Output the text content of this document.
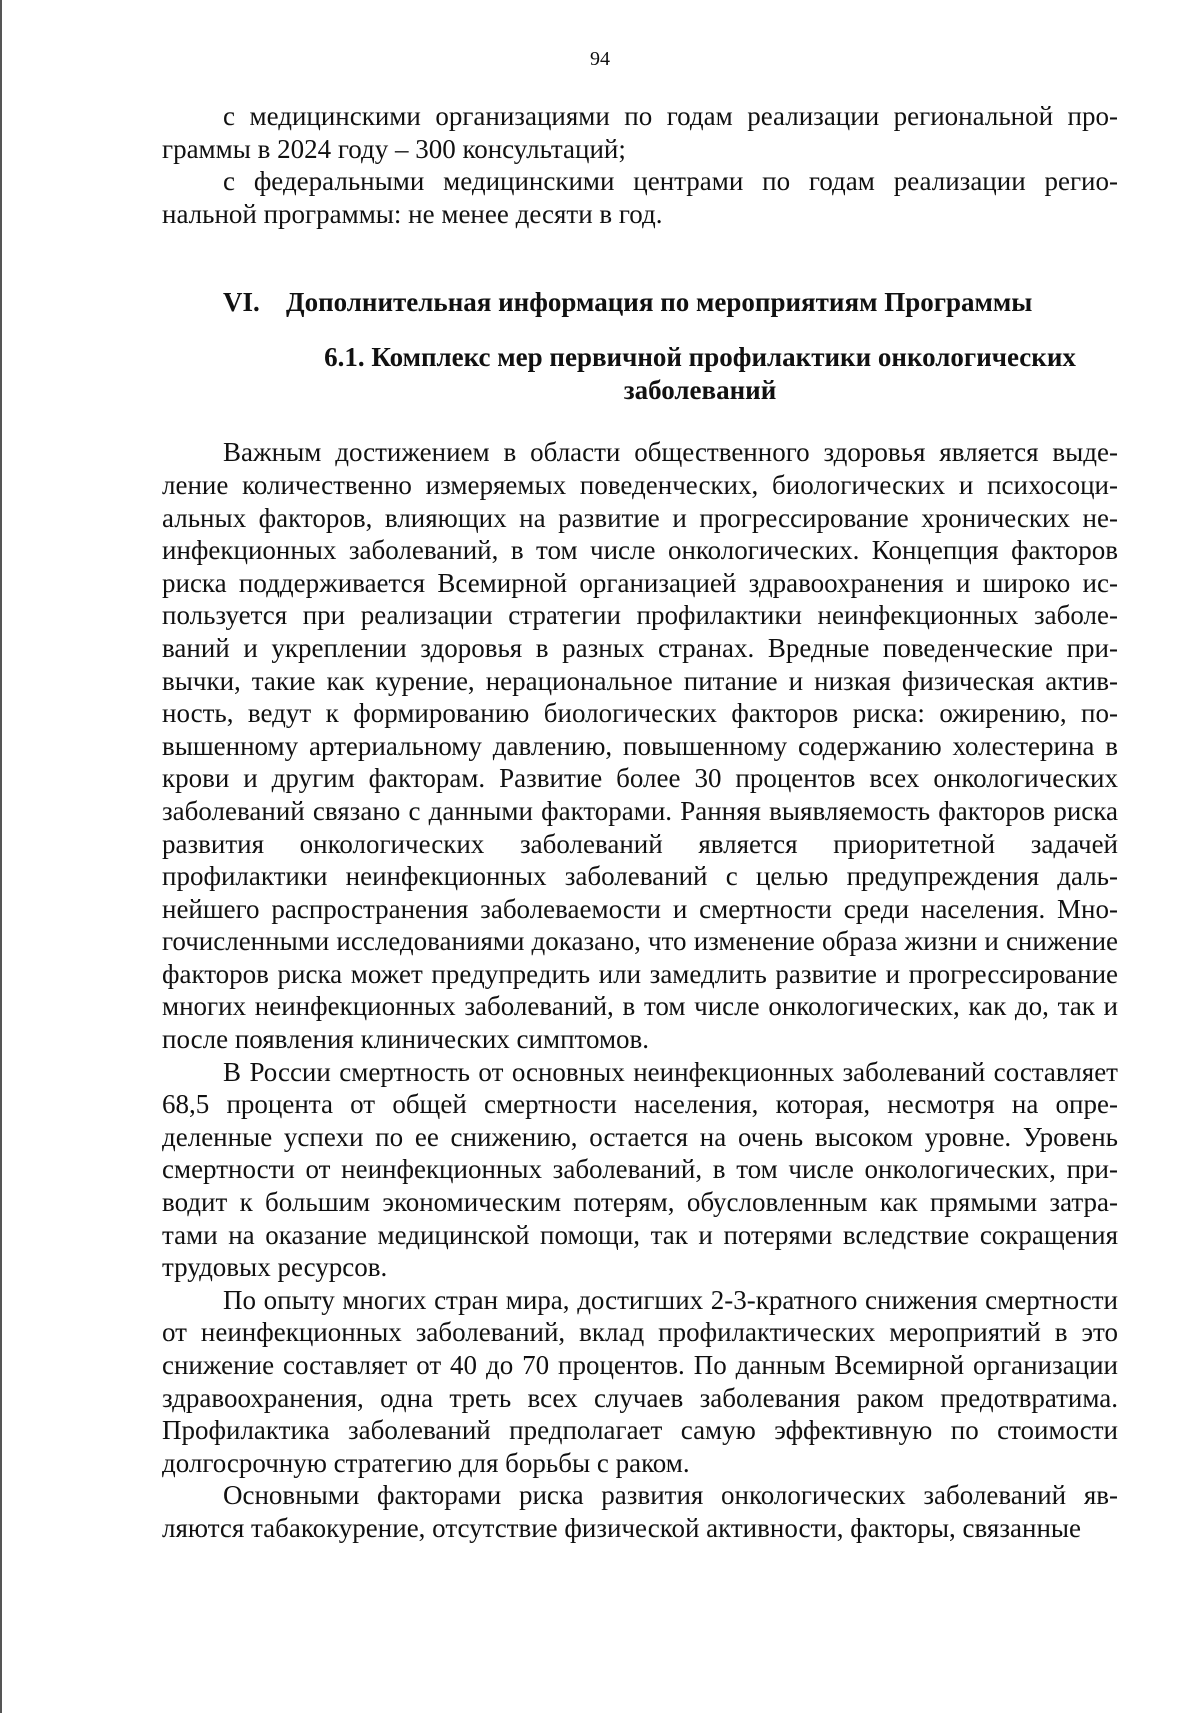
94

с медицинскими организациями по годам реализации региональной программы в 2024 году – 300 консультаций;

с федеральными медицинскими центрами по годам реализации региональной программы: не менее десяти в год.

VI. Дополнительная информация по мероприятиям Программы
6.1. Комплекс мер первичной профилактики онкологических заболеваний

Важным достижением в области общественного здоровья является выделение количественно измеряемых поведенческих, биологических и психосоциальных факторов, влияющих на развитие и прогрессирование хронических неинфекционных заболеваний, в том числе онкологических. Концепция факторов риска поддерживается Всемирной организацией здравоохранения и широко используется при реализации стратегии профилактики неинфекционных заболеваний и укреплении здоровья в разных странах. Вредные поведенческие привычки, такие как курение, нерациональное питание и низкая физическая активность, ведут к формированию биологических факторов риска: ожирению, повышенному артериальному давлению, повышенному содержанию холестерина в крови и другим факторам. Развитие более 30 процентов всех онкологических заболеваний связано с данными факторами. Ранняя выявляемость факторов риска развития онкологических заболеваний является приоритетной задачей профилактики неинфекционных заболеваний с целью предупреждения дальнейшего распространения заболеваемости и смертности среди населения. Многочисленными исследованиями доказано, что изменение образа жизни и снижение факторов риска может предупредить или замедлить развитие и прогрессирование многих неинфекционных заболеваний, в том числе онкологических, как до, так и после появления клинических симптомов.

В России смертность от основных неинфекционных заболеваний составляет 68,5 процента от общей смертности населения, которая, несмотря на определенные успехи по ее снижению, остается на очень высоком уровне. Уровень смертности от неинфекционных заболеваний, в том числе онкологических, приводит к большим экономическим потерям, обусловленным как прямыми затратами на оказание медицинской помощи, так и потерями вследствие сокращения трудовых ресурсов.

По опыту многих стран мира, достигших 2-3-кратного снижения смертности от неинфекционных заболеваний, вклад профилактических мероприятий в это снижение составляет от 40 до 70 процентов. По данным Всемирной организации здравоохранения, одна треть всех случаев заболевания раком предотвратима. Профилактика заболеваний предполагает самую эффективную по стоимости долгосрочную стратегию для борьбы с раком.

Основными факторами риска развития онкологических заболеваний являются табакокурение, отсутствие физической активности, факторы, связанные
